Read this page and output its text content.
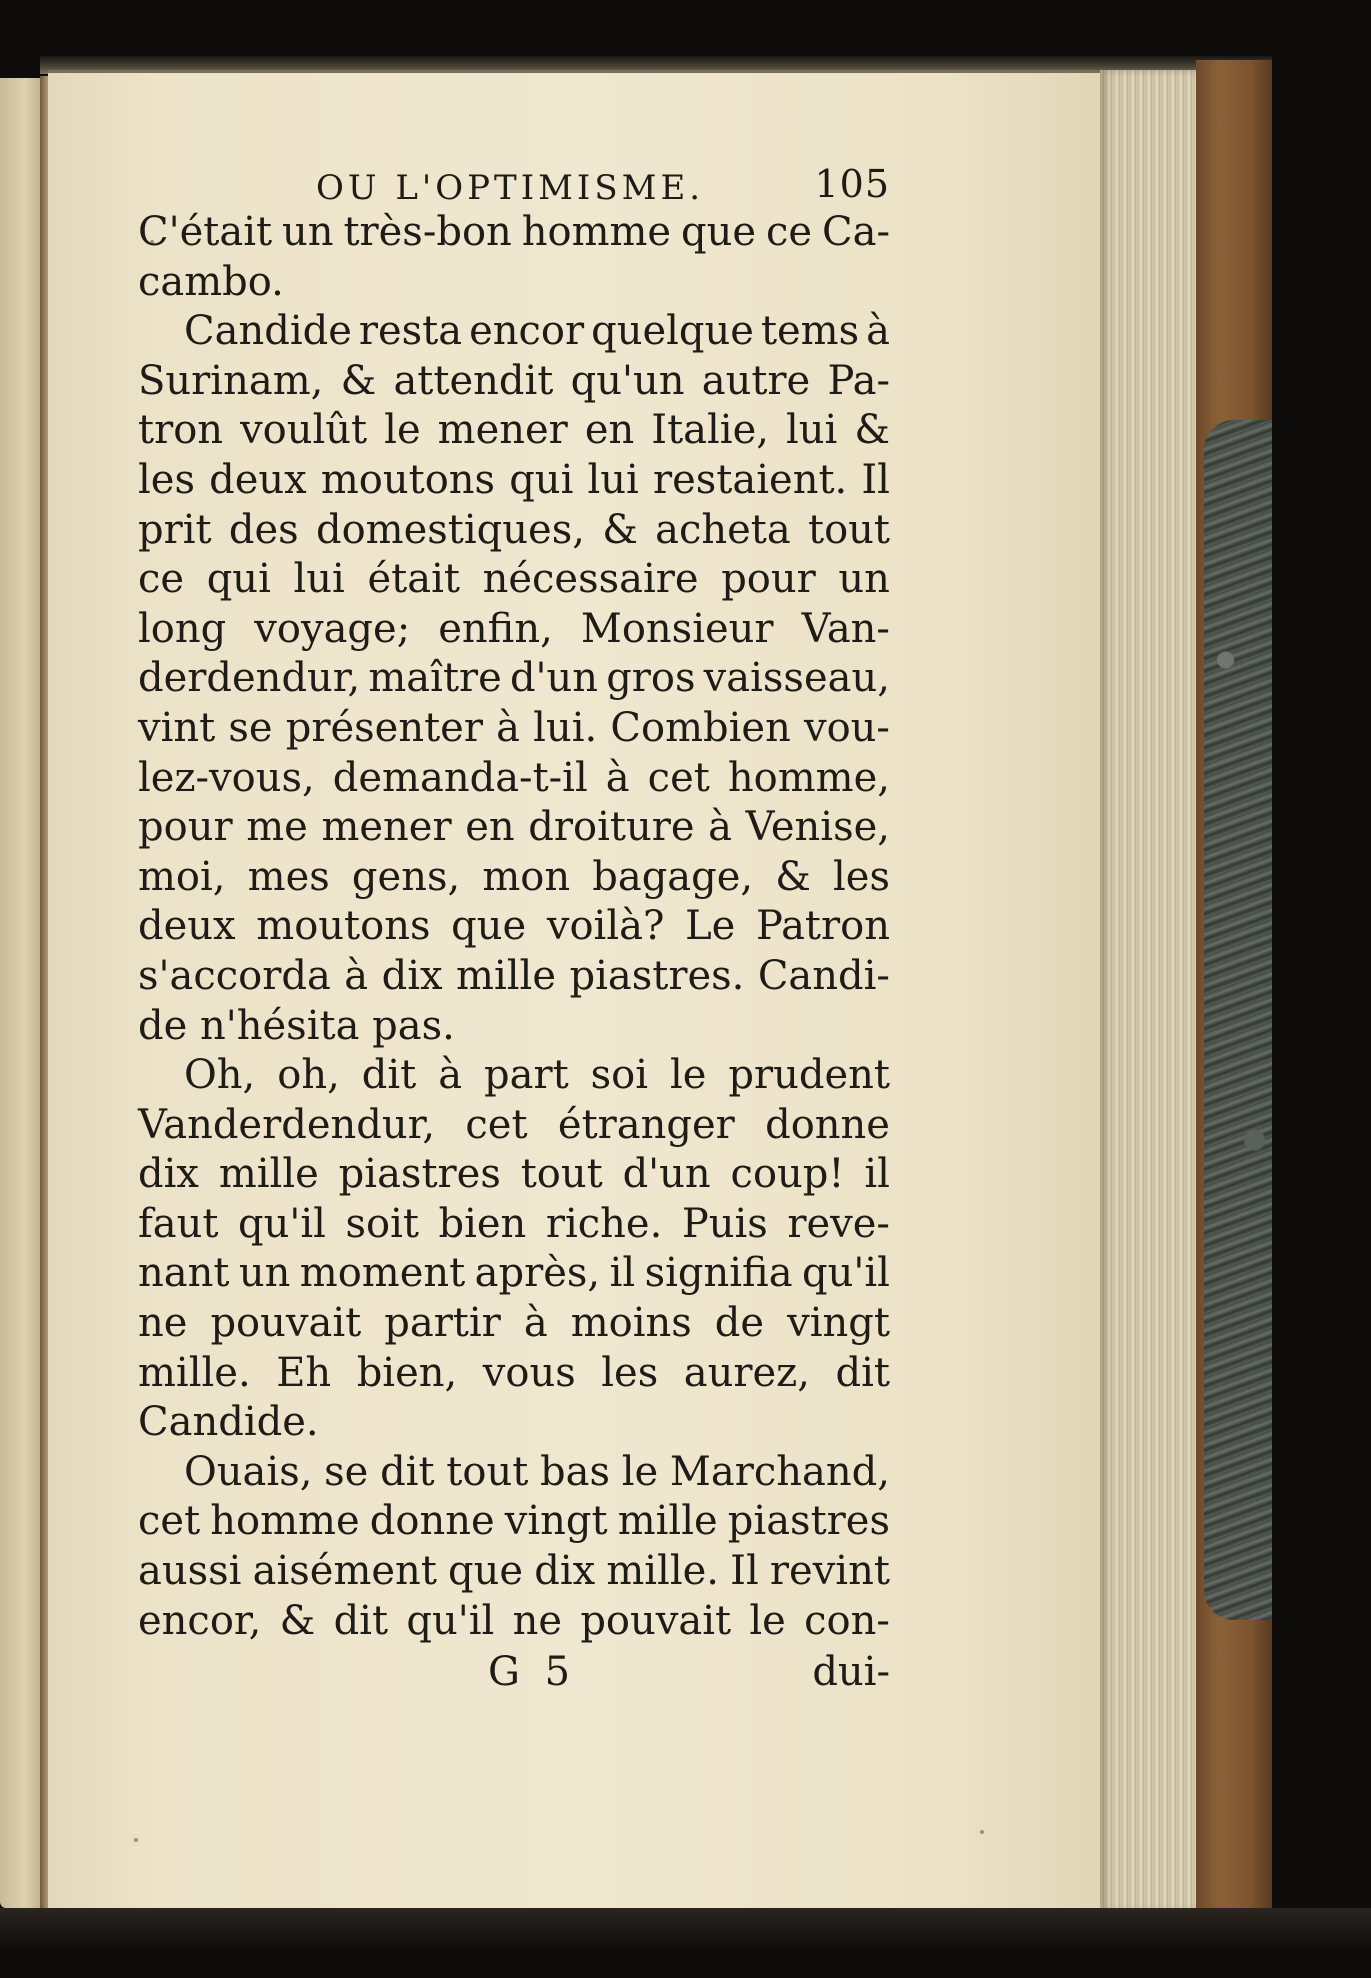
OU L'OPTIMISME.	105
C'était un très-bon homme que ce Ca-
cambo.
Candide resta encor quelque tems à
Surinam, & attendit qu'un autre Pa-
tron voulût le mener en Italie, lui &
les deux moutons qui lui restaient. Il
prit des domestiques, & acheta tout
ce qui lui était nécessaire pour un
long voyage; enfin, Monsieur Van-
derdendur, maître d'un gros vaisseau,
vint se présenter à lui. Combien vou-
lez-vous, demanda-t-il à cet homme,
pour me mener en droiture à Venise,
moi, mes gens, mon bagage, & les
deux moutons que voilà? Le Patron
s'accorda à dix mille piastres. Candi-
de n'hésita pas.
Oh, oh, dit à part soi le prudent
Vanderdendur, cet étranger donne
dix mille piastres tout d'un coup! il
faut qu'il soit bien riche. Puis reve-
nant un moment après, il signifia qu'il
ne pouvait partir à moins de vingt
mille. Eh bien, vous les aurez, dit
Candide.
Ouais, se dit tout bas le Marchand,
cet homme donne vingt mille piastres
aussi aisément que dix mille. Il revint
encor, & dit qu'il ne pouvait le con-
G 5	dui-
